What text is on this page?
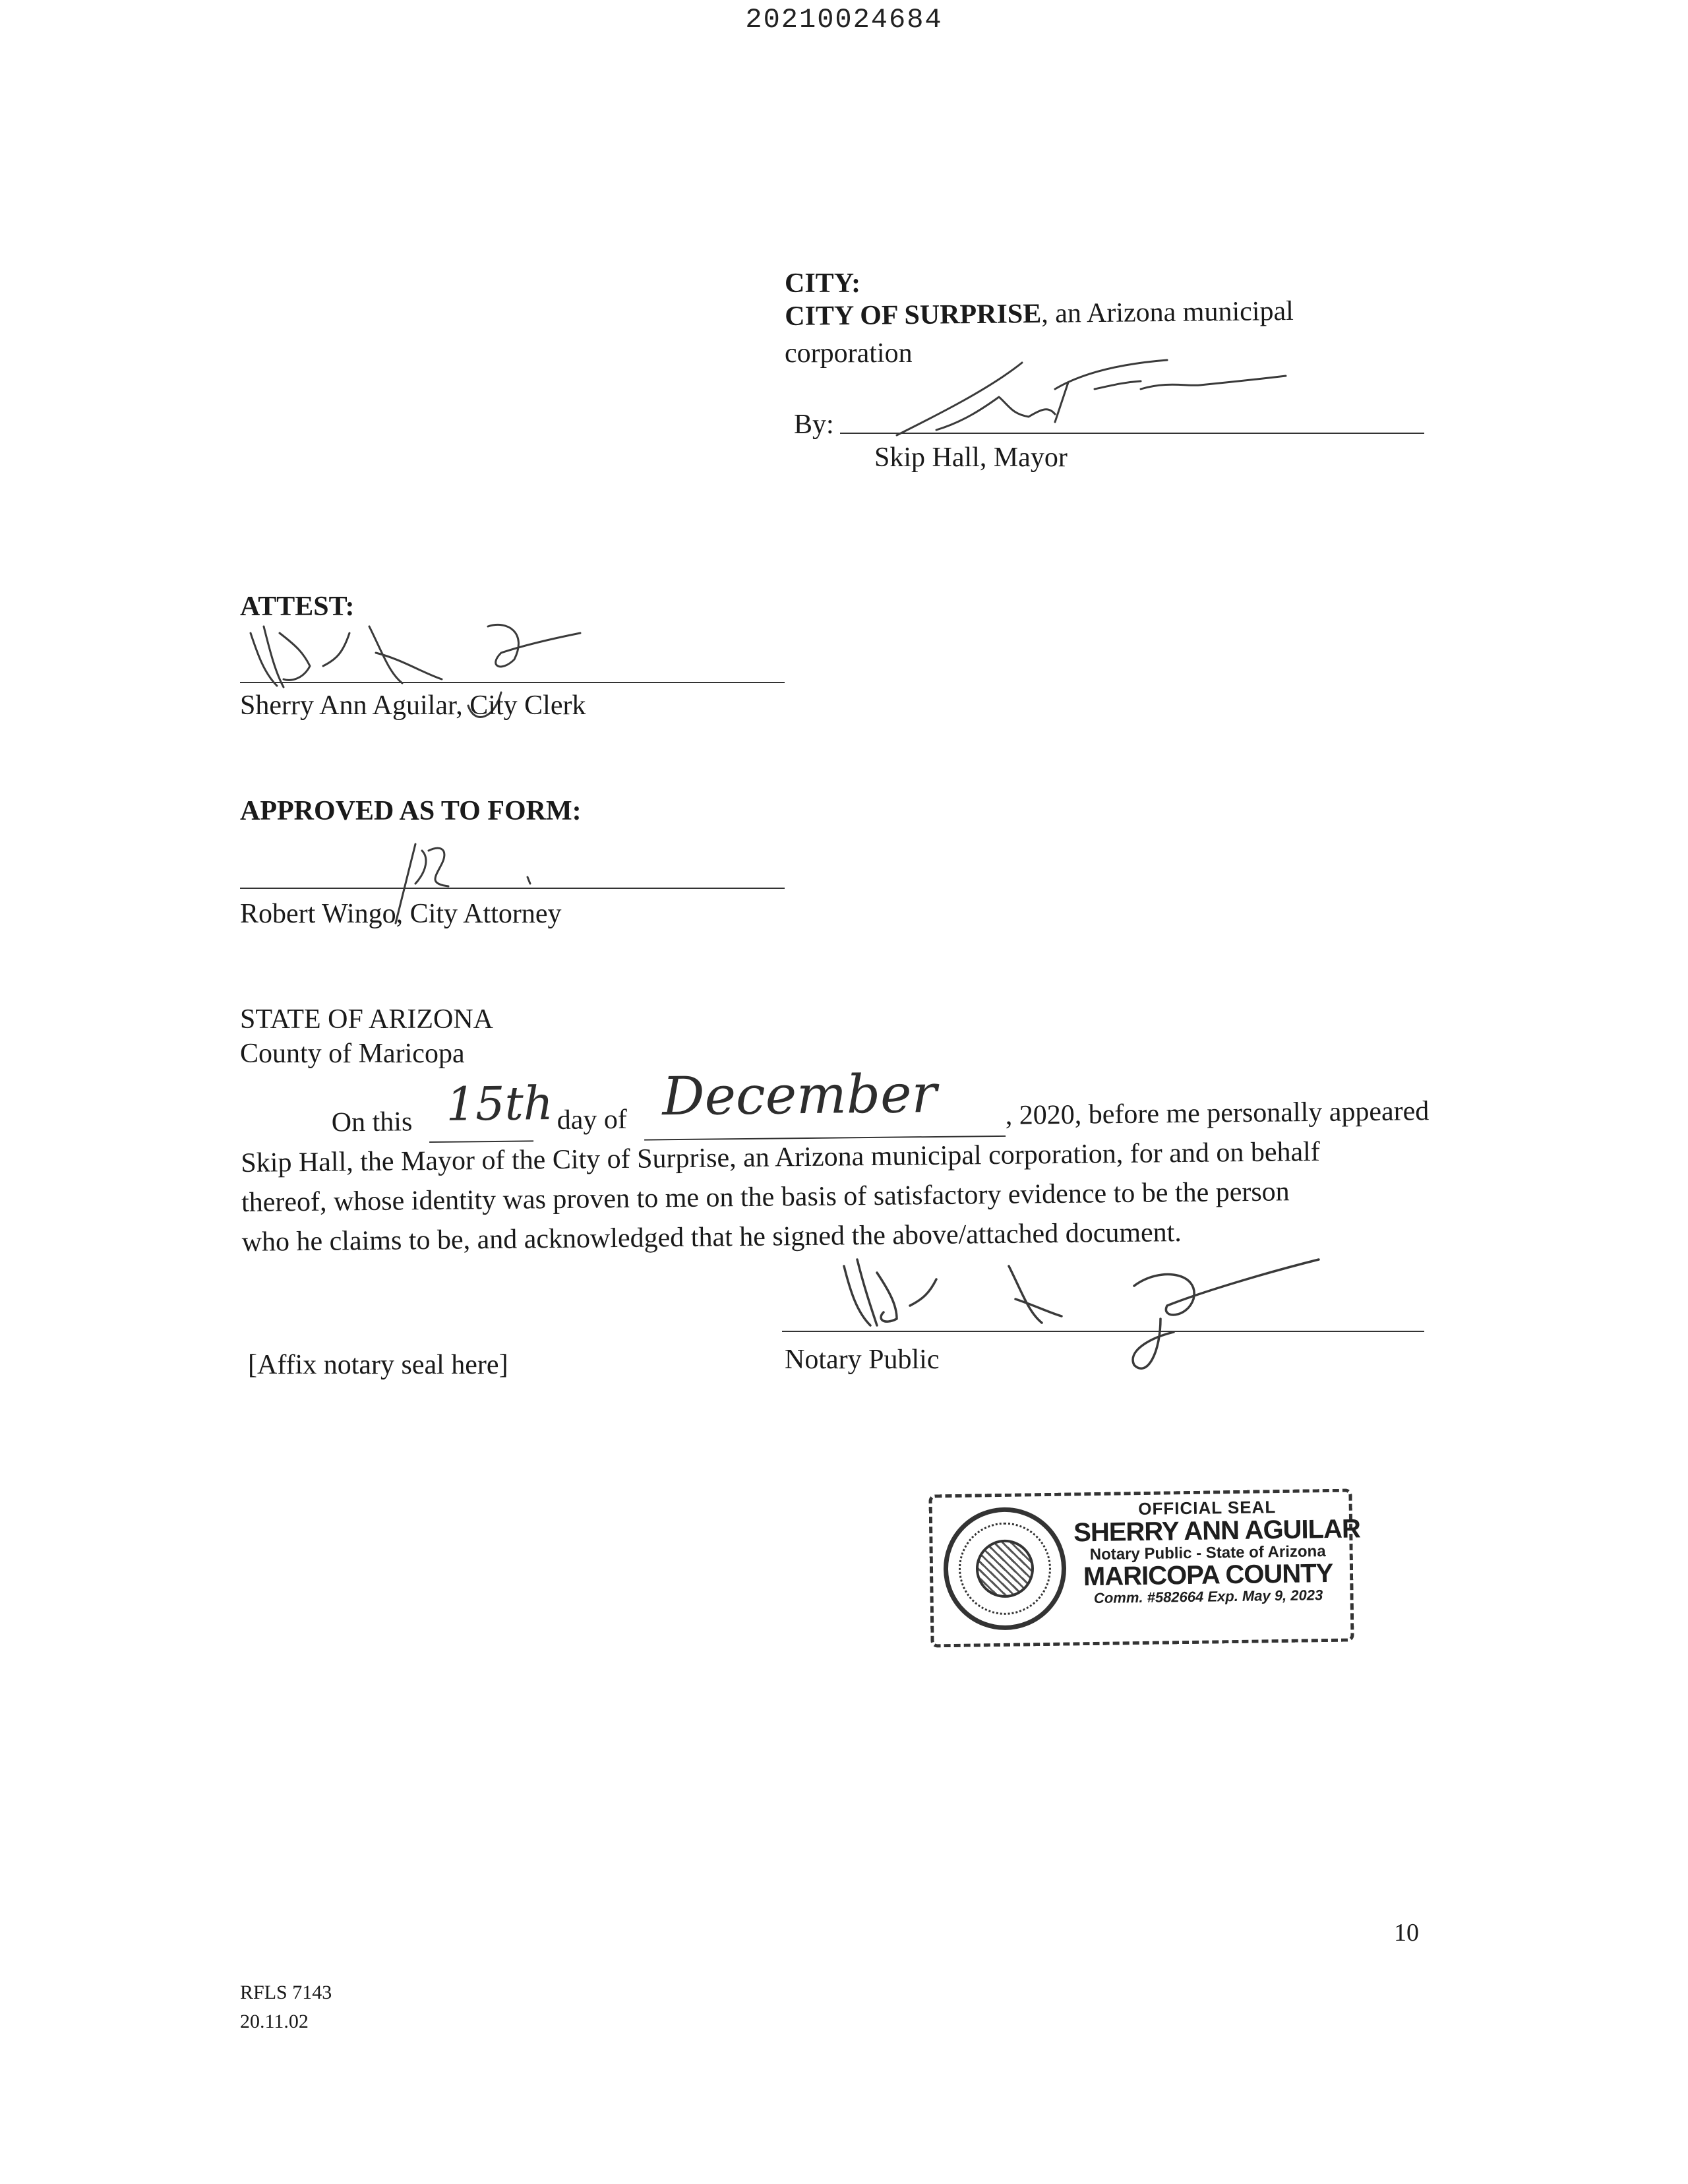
20210024684
CITY:
CITY OF SURPRISE, an Arizona municipal
corporation
By:
Skip Hall, Mayor
ATTEST:
Sherry Ann Aguilar, City Clerk
APPROVED AS TO FORM:
Robert Wingo, City Attorney
STATE OF ARIZONA
County of Maricopa
On this 15th day of December , 2020, before me personally appeared
Skip Hall, the Mayor of the City of Surprise, an Arizona municipal corporation, for and on behalf
thereof, whose identity was proven to me on the basis of satisfactory evidence to be the person
who he claims to be, and acknowledged that he signed the above/attached document.
[Affix notary seal here]	Notary Public
OFFICIAL SEAL
SHERRY ANN AGUILAR
Notary Public - State of Arizona
MARICOPA COUNTY
Comm. #582664 Exp. May 9, 2023
RFLS 7143
20.11.02
10
